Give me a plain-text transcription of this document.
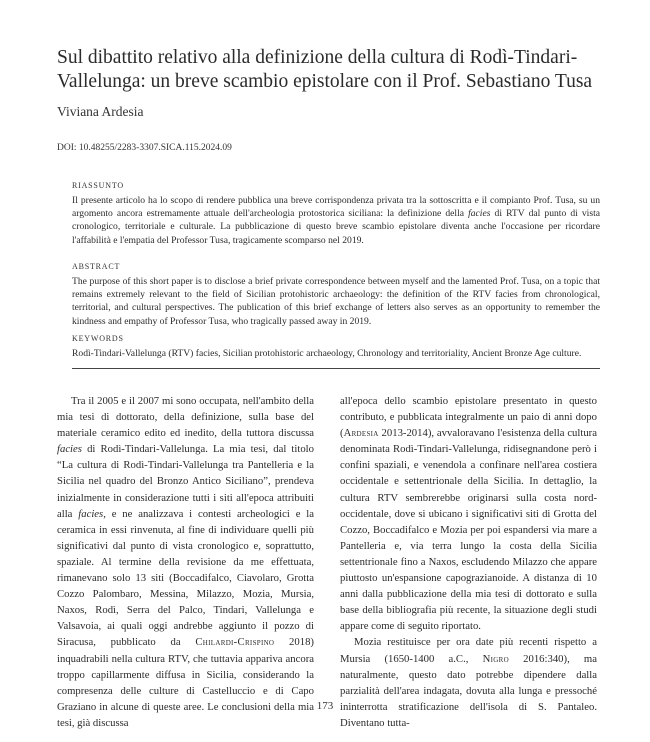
Sul dibattito relativo alla definizione della cultura di Rodì-Tindari-Vallelunga: un breve scambio epistolare con il Prof. Sebastiano Tusa
Viviana Ardesia
DOI: 10.48255/2283-3307.SICA.115.2024.09
RIASSUNTO

Il presente articolo ha lo scopo di rendere pubblica una breve corrispondenza privata tra la sottoscritta e il compianto Prof. Tusa, su un argomento ancora estremamente attuale dell'archeologia protostorica siciliana: la definizione della facies di RTV dal punto di vista cronologico, territoriale e culturale. La pubblicazione di questo breve scambio epistolare diventa anche l'occasione per ricordare l'affabilità e l'empatia del Professor Tusa, tragicamente scomparso nel 2019.

ABSTRACT

The purpose of this short paper is to disclose a brief private correspondence between myself and the lamented Prof. Tusa, on a topic that remains extremely relevant to the field of Sicilian protohistoric archaeology: the definition of the RTV facies from chronological, territorial, and cultural perspectives. The publication of this brief exchange of letters also serves as an opportunity to remember the kindness and empathy of Professor Tusa, who tragically passed away in 2019.

KEYWORDS

Rodì-Tindari-Vallelunga (RTV) facies, Sicilian protohistoric archaeology, Chronology and territoriality, Ancient Bronze Age culture.

Tra il 2005 e il 2007 mi sono occupata, nell'ambito della mia tesi di dottorato, della definizione, sulla base del materiale ceramico edito ed inedito, della tuttora discussa facies di Rodì-Tindari-Vallelunga. La mia tesi, dal titolo “La cultura di Rodì-Tindari-Vallelunga tra Pantelleria e la Sicilia nel quadro del Bronzo Antico Siciliano”, prendeva inizialmente in considerazione tutti i siti all'epoca attribuiti alla facies, e ne analizzava i contesti archeologici e la ceramica in essi rinvenuta, al fine di individuare quelli più significativi dal punto di vista cronologico e, soprattutto, spaziale. Al termine della revisione da me effettuata, rimanevano solo 13 siti (Boccadifalco, Ciavolaro, Grotta Cozzo Palombaro, Messina, Milazzo, Mozia, Mursia, Naxos, Rodì, Serra del Palco, Tindari, Vallelunga e Valsavoia, ai quali oggi andrebbe aggiunto il pozzo di Siracusa, pubblicato da Chilardi-Crispino 2018) inquadrabili nella cultura RTV, che tuttavia appariva ancora troppo capillarmente diffusa in Sicilia, considerando la compresenza delle culture di Castelluccio e di Capo Graziano in alcune di queste aree. Le conclusioni della mia tesi, già discussa

all'epoca dello scambio epistolare presentato in questo contributo, e pubblicata integralmente un paio di anni dopo (Ardesia 2013-2014), avvaloravano l'esistenza della cultura denominata Rodì-Tindari-Vallelunga, ridisegnandone però i confini spaziali, e venendola a confinare nell'area costiera occidentale e settentrionale della Sicilia. In dettaglio, la cultura RTV sembrerebbe originarsi sulla costa nord-occidentale, dove si ubicano i significativi siti di Grotta del Cozzo, Boccadifalco e Mozia per poi espandersi via mare a Pantelleria e, via terra lungo la costa della Sicilia settentrionale fino a Naxos, escludendo Milazzo che appare piuttosto un'espansione capograzianoide. A distanza di 10 anni dalla pubblicazione della mia tesi di dottorato e sulla base della bibliografia più recente, la situazione degli studi appare come di seguito riportato.

Mozia restituisce per ora date più recenti rispetto a Mursia (1650-1400 a.C., Nigro 2016:340), ma naturalmente, questo dato potrebbe dipendere dalla parzialità dell'area indagata, dovuta alla lunga e pressoché ininterrotta stratificazione dell'isola di S. Pantaleo. Diventano tutta-

173
